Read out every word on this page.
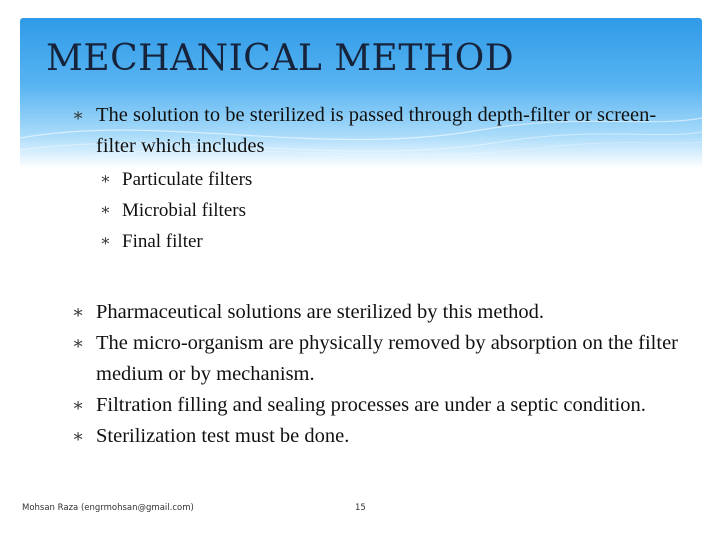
MECHANICAL METHOD
∗ The solution to be sterilized is passed through depth-filter or screen-filter which includes
∗ Particulate filters
∗ Microbial filters
∗ Final filter
∗ Pharmaceutical solutions are sterilized by this method.
∗ The micro-organism are physically removed by absorption on the filter medium or by mechanism.
∗ Filtration filling and sealing processes are under a septic condition.
∗ Sterilization test must be done.
Mohsan Raza (engrmohsan@gmail.com)	15
